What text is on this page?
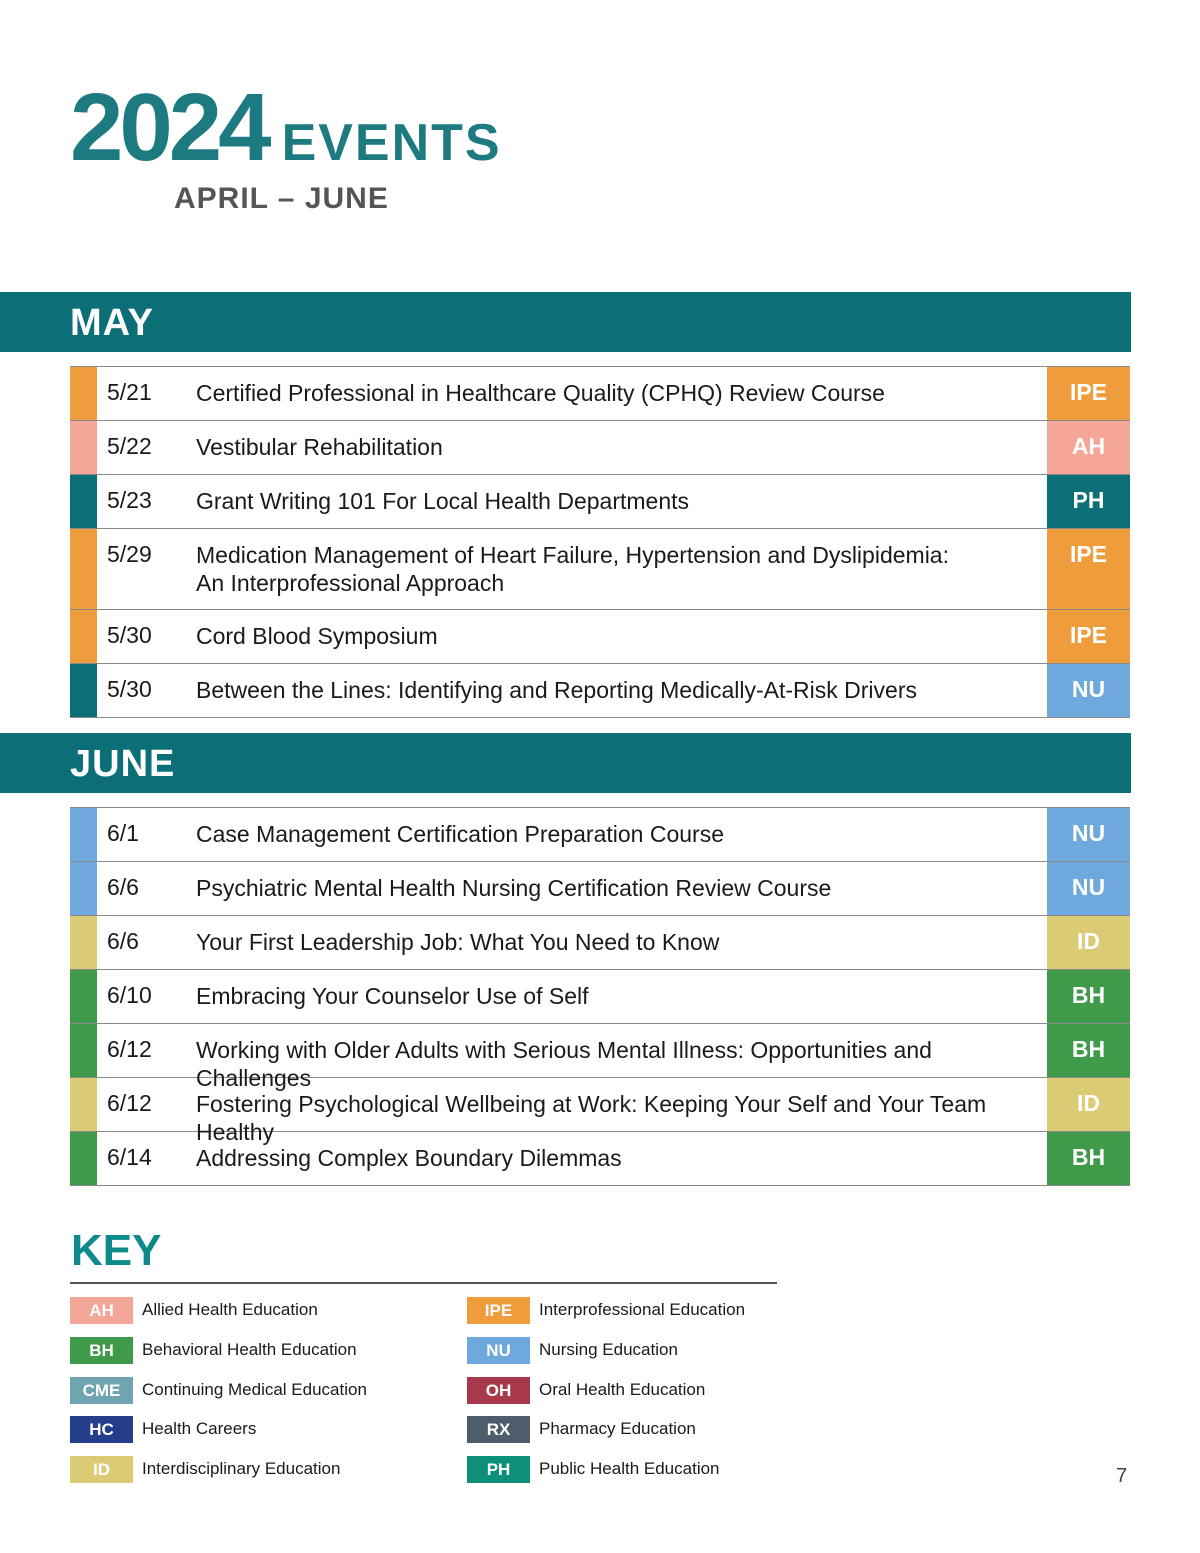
2024 EVENTS
APRIL – JUNE
MAY
5/21 Certified Professional in Healthcare Quality (CPHQ) Review Course	IPE
5/22 Vestibular Rehabilitation	AH
5/23 Grant Writing 101 For Local Health Departments	PH
5/29 Medication Management of Heart Failure, Hypertension and Dyslipidemia:
An Interprofessional Approach
IPE
5/30 Cord Blood Symposium	IPE
5/30 Between the Lines: Identifying and Reporting Medically-At-Risk Drivers	NU
JUNE
6/1 Case Management Certification Preparation Course	NU
6/6 Psychiatric Mental Health Nursing Certification Review Course	NU
6/6 Your First Leadership Job: What You Need to Know	ID
6/10 Embracing Your Counselor Use of Self	BH
6/12 Working with Older Adults with Serious Mental Illness: Opportunities and Challenges
BH
6/12 Fostering Psychological Wellbeing at Work: Keeping Your Self and Your Team Healthy
ID
6/14 Addressing Complex Boundary Dilemmas	BH
KEY
AH	Allied Health Education
BH	Behavioral Health Education
CME	Continuing Medical Education
HC	Health Careers
ID	Interdisciplinary Education
IPE	Interprofessional Education
NU	Nursing Education
OH	Oral Health Education
RX	Pharmacy Education
PH	Public Health Education	7
